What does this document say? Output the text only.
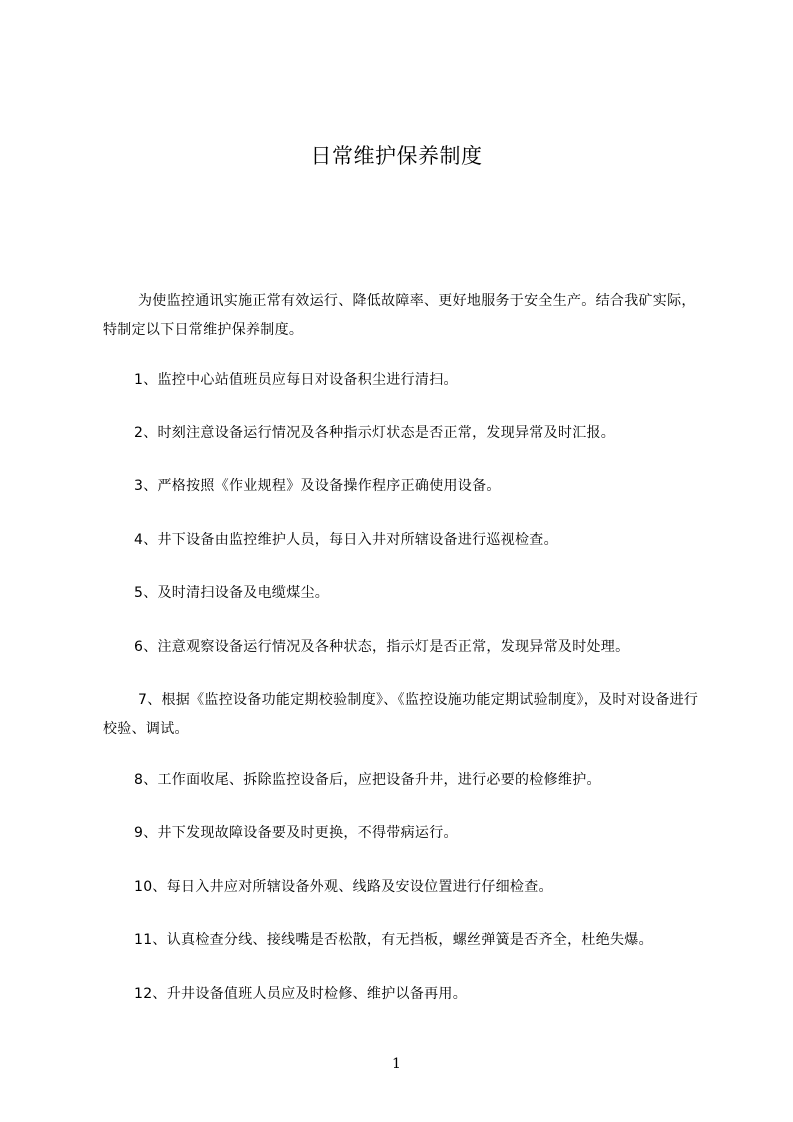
日常维护保养制度
为使监控通讯实施正常有效运行、降低故障率、更好地服务于安全生产。结合我矿实际，特制定以下日常维护保养制度。
1、监控中心站值班员应每日对设备积尘进行清扫。
2、时刻注意设备运行情况及各种指示灯状态是否正常，发现异常及时汇报。
3、严格按照《作业规程》及设备操作程序正确使用设备。
4、井下设备由监控维护人员，每日入井对所辖设备进行巡视检查。
5、及时清扫设备及电缆煤尘。
6、注意观察设备运行情况及各种状态，指示灯是否正常，发现异常及时处理。
7、根据《监控设备功能定期校验制度》、《监控设施功能定期试验制度》，及时对设备进行校验、调试。
8、工作面收尾、拆除监控设备后，应把设备升井，进行必要的检修维护。
9、井下发现故障设备要及时更换，不得带病运行。
10、每日入井应对所辖设备外观、线路及安设位置进行仔细检查。
11、认真检查分线、接线嘴是否松散，有无挡板，螺丝弹簧是否齐全，杜绝失爆。
12、升井设备值班人员应及时检修、维护以备再用。
1
